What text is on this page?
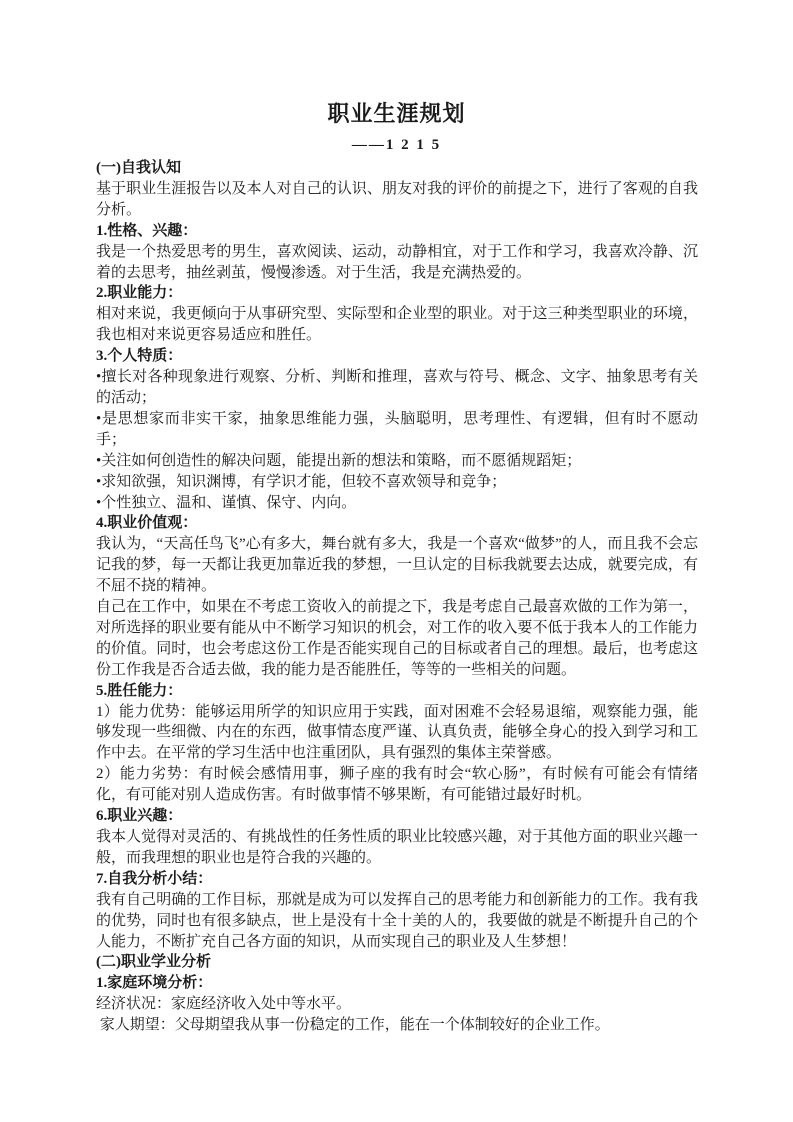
职业生涯规划
——1 2 1 5

(一)自我认知

基于职业生涯报告以及本人对自己的认识、朋友对我的评价的前提之下，进行了客观的自我分析。

1.性格、兴趣：

我是一个热爱思考的男生，喜欢阅读、运动，动静相宜，对于工作和学习，我喜欢冷静、沉着的去思考，抽丝剥茧，慢慢渗透。对于生活，我是充满热爱的。

2.职业能力：

相对来说，我更倾向于从事研究型、实际型和企业型的职业。对于这三种类型职业的环境，我也相对来说更容易适应和胜任。

3.个人特质：

•擅长对各种现象进行观察、分析、判断和推理，喜欢与符号、概念、文字、抽象思考有关的活动；

•是思想家而非实干家，抽象思维能力强，头脑聪明，思考理性、有逻辑，但有时不愿动手；

•关注如何创造性的解决问题，能提出新的想法和策略，而不愿循规蹈矩；

•求知欲强，知识渊博，有学识才能，但较不喜欢领导和竞争；

•个性独立、温和、谨慎、保守、内向。

4.职业价值观：

我认为，“天高任鸟飞”心有多大，舞台就有多大，我是一个喜欢“做梦”的人，而且我不会忘记我的梦，每一天都让我更加靠近我的梦想，一旦认定的目标我就要去达成，就要完成，有不屈不挠的精神。

自己在工作中，如果在不考虑工资收入的前提之下，我是考虑自己最喜欢做的工作为第一，对所选择的职业要有能从中不断学习知识的机会，对工作的收入要不低于我本人的工作能力的价值。同时，也会考虑这份工作是否能实现自己的目标或者自己的理想。最后，也考虑这份工作我是否合适去做，我的能力是否能胜任，等等的一些相关的问题。

5.胜任能力：

1）能力优势：能够运用所学的知识应用于实践，面对困难不会轻易退缩，观察能力强，能够发现一些细微、内在的东西，做事情态度严谨、认真负责，能够全身心的投入到学习和工作中去。在平常的学习生活中也注重团队，具有强烈的集体主荣誉感。

2）能力劣势：有时候会感情用事，狮子座的我有时会“软心肠”，有时候有可能会有情绪化，有可能对别人造成伤害。有时做事情不够果断，有可能错过最好时机。

6.职业兴趣：

我本人觉得对灵活的、有挑战性的任务性质的职业比较感兴趣，对于其他方面的职业兴趣一般，而我理想的职业也是符合我的兴趣的。

7.自我分析小结：

我有自己明确的工作目标，那就是成为可以发挥自己的思考能力和创新能力的工作。我有我的优势，同时也有很多缺点，世上是没有十全十美的人的，我要做的就是不断提升自己的个人能力，不断扩充自己各方面的知识，从而实现自己的职业及人生梦想！

(二)职业学业分析

1.家庭环境分析：

经济状况：家庭经济收入处中等水平。

家人期望：父母期望我从事一份稳定的工作，能在一个体制较好的企业工作。
